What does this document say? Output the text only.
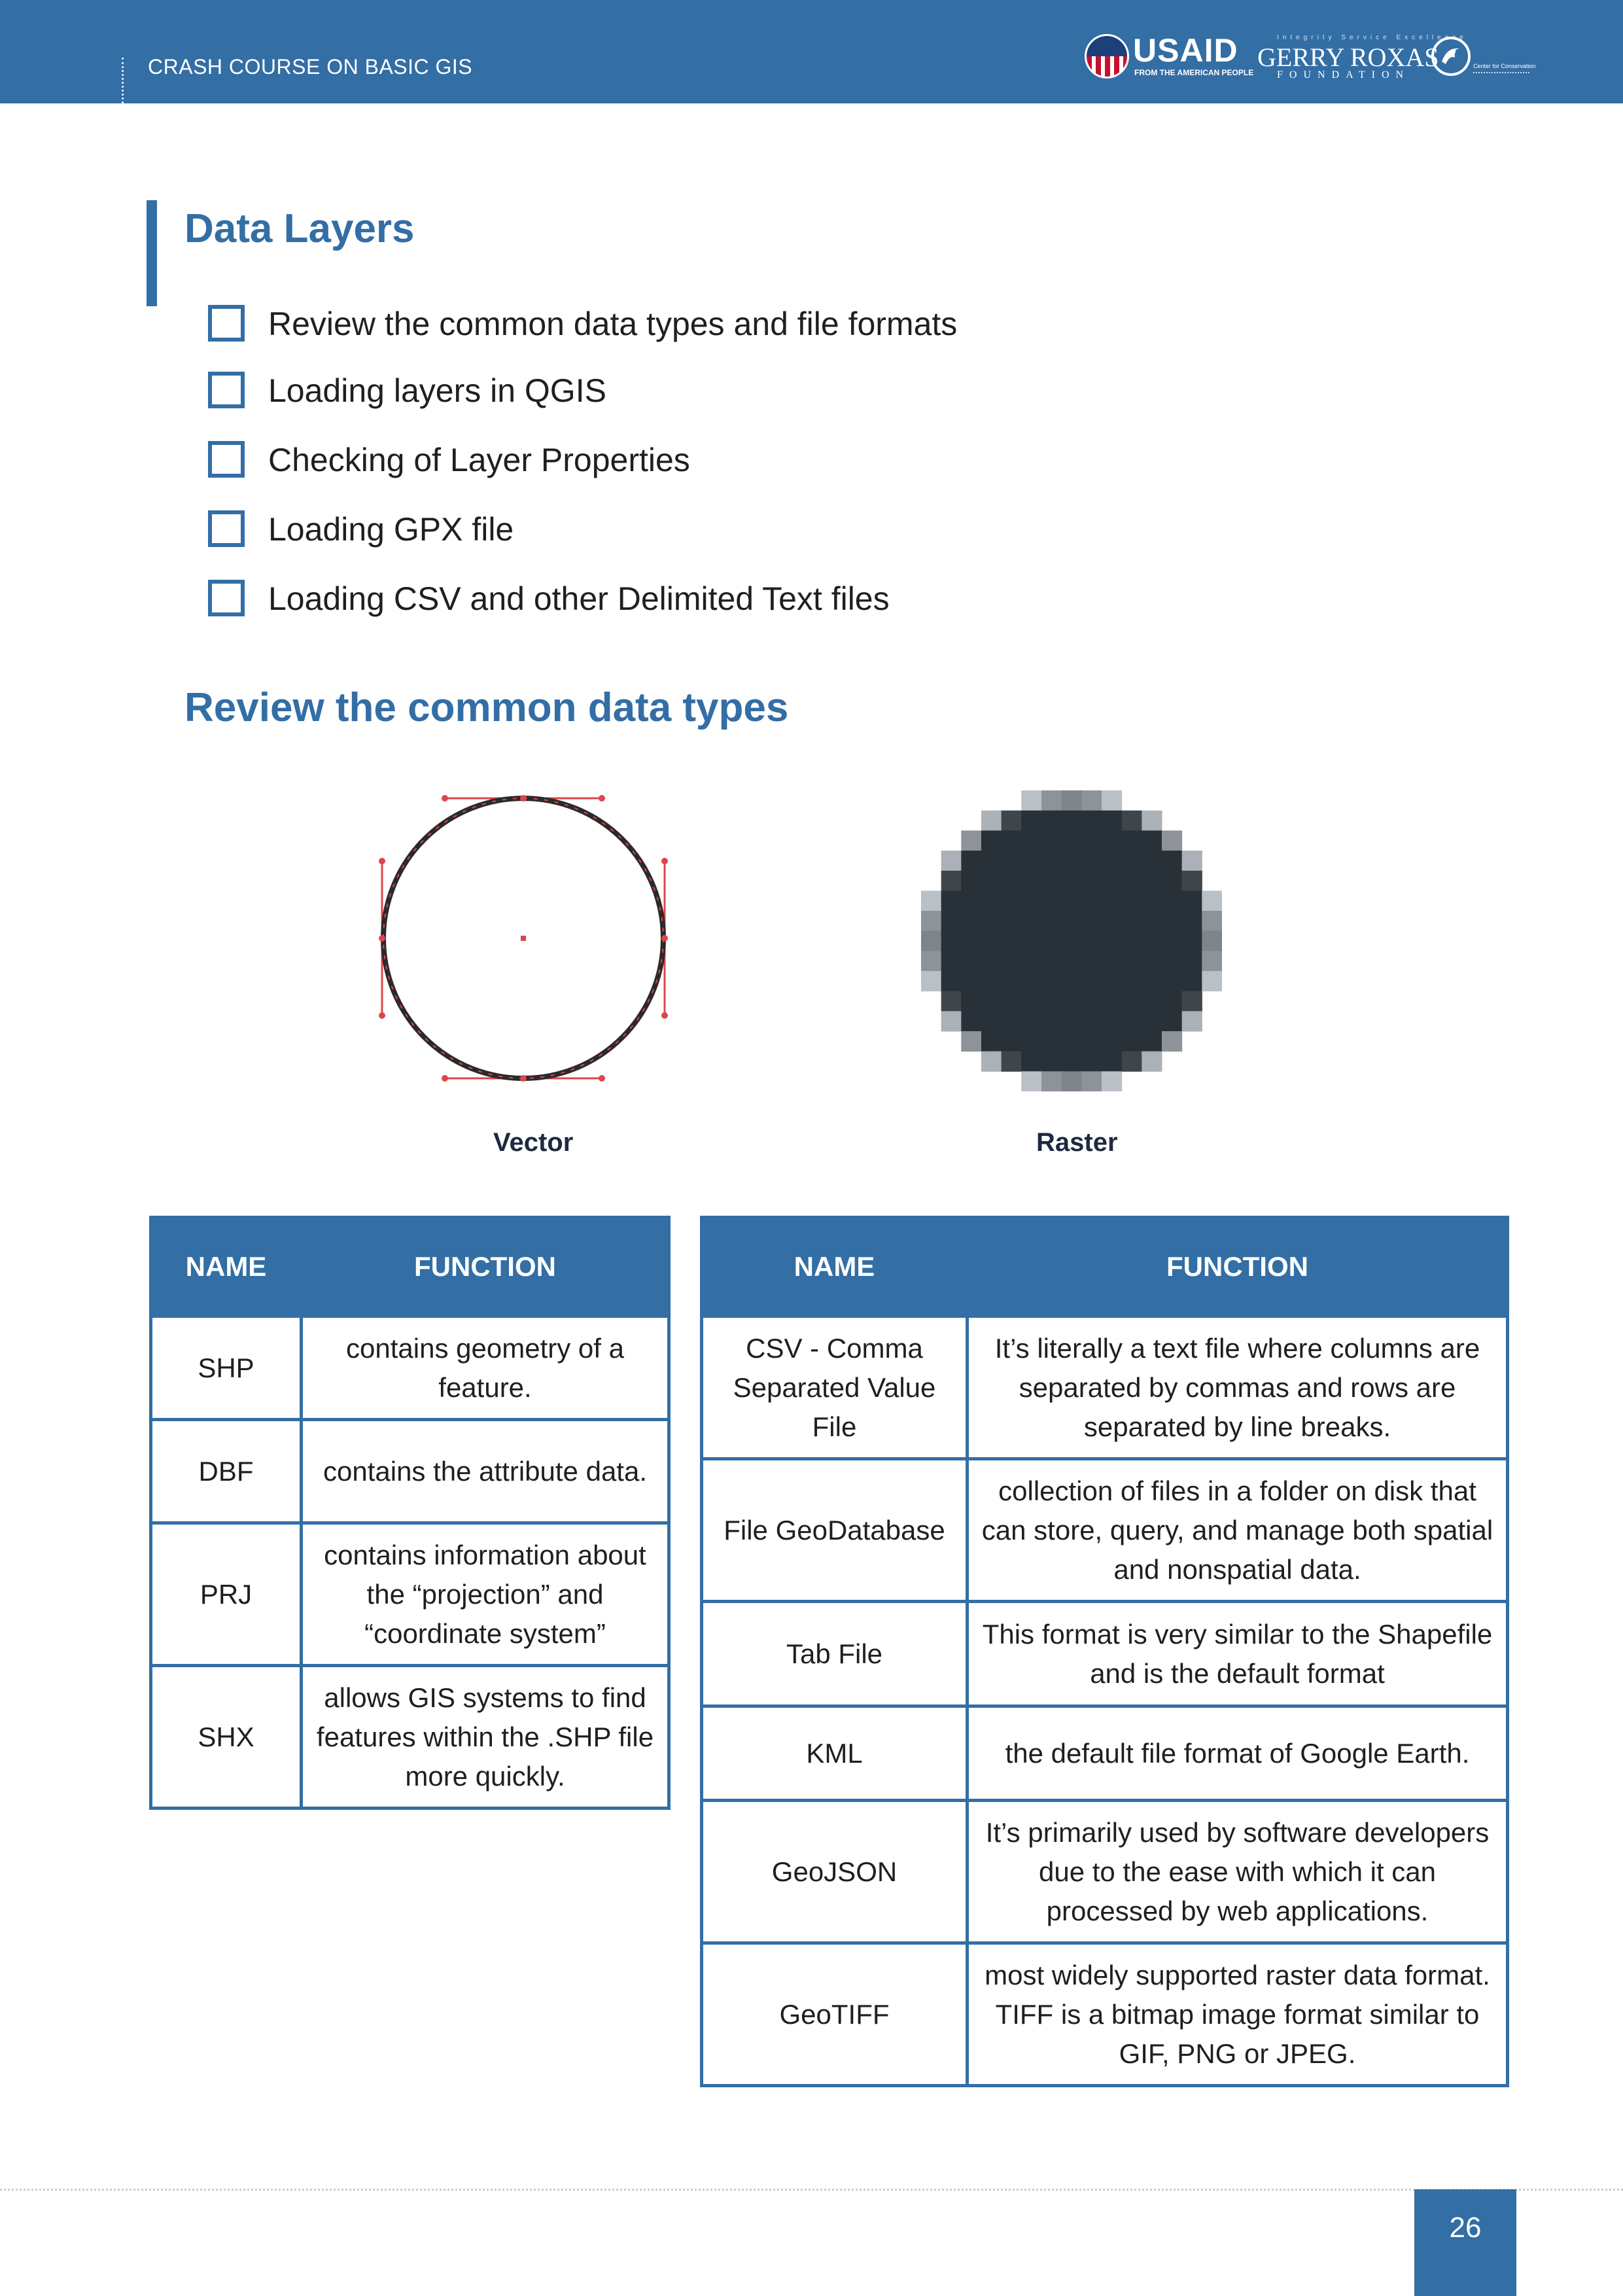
CRASH COURSE ON BASIC GIS	USAID
FROM THE AMERICAN PEOPLE
Integrity Service Excellence
GERRY ROXAS
FOUNDATION
Center for Conservation
Data Layers
Review the common data types and file formats
Loading layers in QGIS
Checking of Layer Properties
Loading GPX file
Loading CSV and other Delimited Text files
Review the common data types
Vector	Raster
NAME	FUNCTION
SHP	contains geometry of a feature.
DBF	contains the attribute data.
PRJ	contains information about the “projection” and “coordinate system”
SHX	allows GIS systems to find features within the .SHP file more quickly.
NAME	FUNCTION
CSV - Comma Separated Value File	It’s literally a text file where columns are separated by commas and rows are separated by line breaks.
File GeoDatabase	collection of files in a folder on disk that can store, query, and manage both spatial and nonspatial data.
Tab File	This format is very similar to the Shapefile and is the default format
KML	the default file format of Google Earth.
GeoJSON	It’s primarily used by software developers due to the ease with which it can processed by web applications.
GeoTIFF	most widely supported raster data format. TIFF is a bitmap image format similar to GIF, PNG or JPEG.
26
